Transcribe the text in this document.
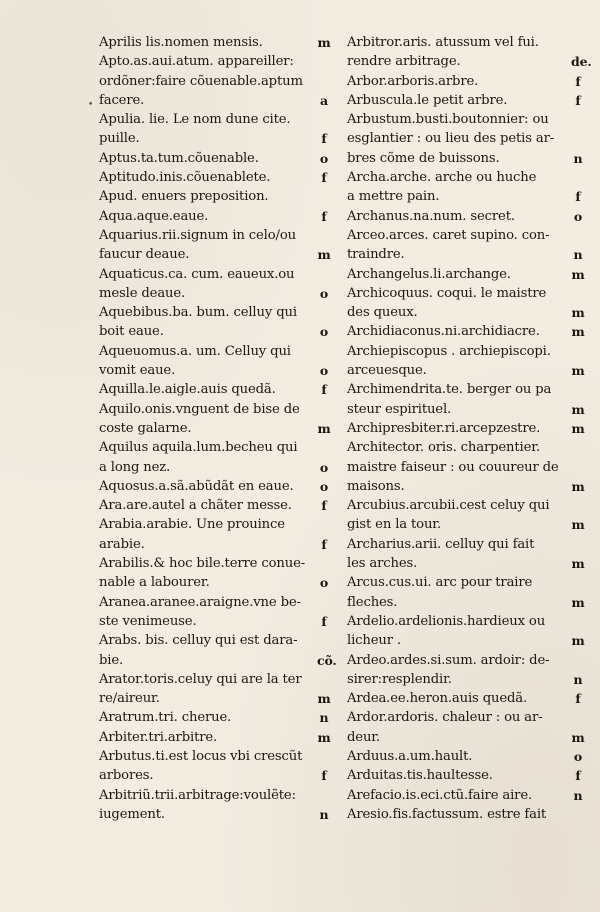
Aprilis lis.nomen mensis.	m
Apto.as.aui.atum. appareiller:
ordõner:faire cõuenable.aptum
facere.	a
Apulia. lie. Le nom dune cite.
puille.	f
Aptus.ta.tum.cõuenable.	o
Aptitudo.inis.cõuenablete.	f
Apud. enuers preposition.
Aqua.aque.eaue.	f
Aquarius.rii.signum in celo/ou
faucur deaue.	m
Aquaticus.ca. cum. eaueux.ou
mesle deaue.	o
Aquebibus.ba. bum. celluy qui
boit eaue.	o
Aqueuomus.a. um. Celluy qui
vomit eaue.	o
Aquilla.le.aigle.auis quedã.	f
Aquilo.onis.vnguent de bise de
coste galarne.	m
Aquilus aquila.lum.becheu qui
a long nez.	o
Aquosus.a.sã.abũdãt en eaue. o
Ara.are.autel a chãter messe.	f
Arabia.arabie. Une prouince
arabie.	f
Arabilis.& hoc bile.terre conue-
nable a labourer.	o
Aranea.aranee.araigne.vne be-
ste venimeuse.	f
Arabs. bis. celluy qui est dara-
bie.	cõ.
Arator.toris.celuy qui are la ter
re/aireur.	m
Aratrum.tri. cherue.	n
Arbiter.tri.arbitre.	m
Arbutus.ti.est locus vbi crescũt
arbores.	f
Arbitriũ.trii.arbitrage:voulẽte:
iugement.	n
Arbitror.aris. atussum vel fui.
rendre arbitrage.	de.
Arbor.arboris.arbre.	f
Arbuscula.le petit arbre.	f
Arbustum.busti.boutonnier: ou
esglantier : ou lieu des petis ar-
bres cõme de buissons.	n
Archa.arche. arche ou huche
a mettre pain.	f
Archanus.na.num. secret.	o
Arceo.arces. caret supino. con-
traindre.	n
Archangelus.li.archange.	m
Archicoquus. coqui. le maistre
des queux.	m
Archidiaconus.ni.archidiacre.	m
Archiepiscopus . archiepiscopi.
arceuesque.	m
Archimendrita.te. berger ou pa
steur espirituel.	m
Archipresbiter.ri.arcepzestre.	m
Architector. oris. charpentier.
maistre faiseur : ou couureur de
maisons.	m
Arcubius.arcubii.cest celuy qui
gist en la tour.	m
Archarius.arii. celluy qui fait
les arches.	m
Arcus.cus.ui. arc pour traire
fleches.	m
Ardelio.ardelionis.hardieux ou
licheur .	m
Ardeo.ardes.si.sum. ardoir: de-
sirer:resplendir.	n
Ardea.ee.heron.auis quedã.	f
Ardor.ardoris. chaleur : ou ar-
deur.	m
Arduus.a.um.hault.	o
Arduitas.tis.haultesse.	f
Arefacio.is.eci.ctũ.faire aire.	n
Aresio.fis.factussum. estre fait
•
